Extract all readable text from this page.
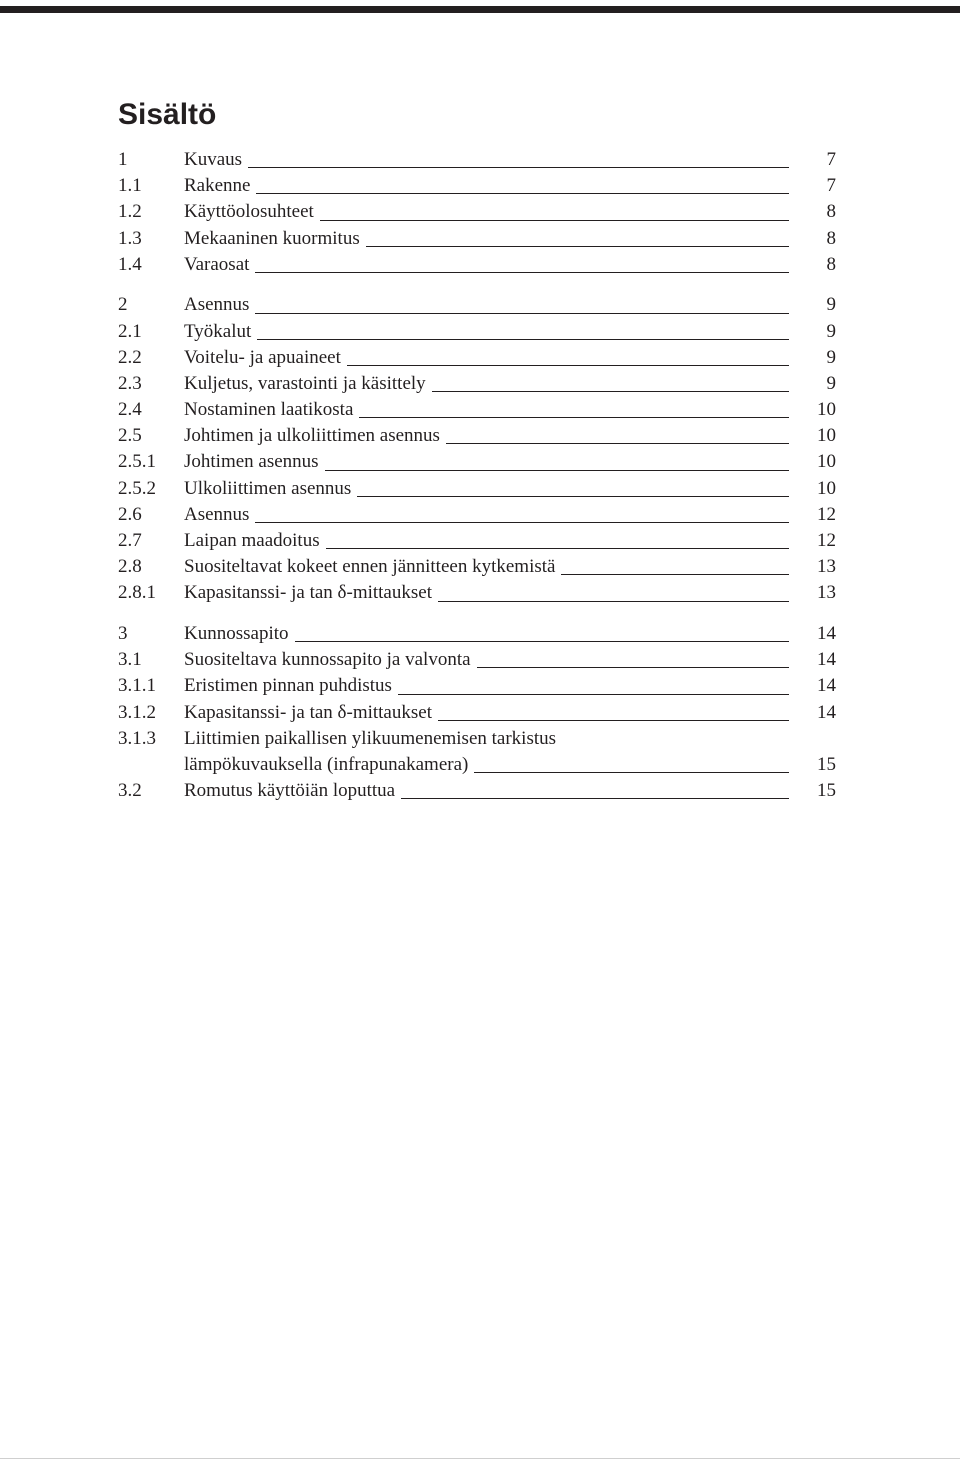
Sisältö
1	Kuvaus	7
1.1 Rakenne	7
1.2 Käyttöolosuhteet	8
1.3 Mekaaninen kuormitus	8
1.4 Varaosat	8
2	Asennus	9
2.1 Työkalut	9
2.2 Voitelu- ja apuaineet	9
2.3 Kuljetus, varastointi ja käsittely	9
2.4 Nostaminen laatikosta	10
2.5 Johtimen ja ulkoliittimen asennus	10
2.5.1 Johtimen asennus	10
2.5.2 Ulkoliittimen asennus	10
2.6 Asennus	12
2.7 Laipan maadoitus	12
2.8 Suositeltavat kokeet ennen jännitteen kytkemistä	13
2.8.1 Kapasitanssi- ja tan δ-mittaukset	13
3	Kunnossapito	14
3.1 Suositeltava kunnossapito ja valvonta	14
3.1.1 Eristimen pinnan puhdistus	14
3.1.2 Kapasitanssi- ja tan δ-mittaukset	14
3.1.3 Liittimien paikallisen ylikuumenemisen tarkistus
lämpökuvauksella (infrapunakamera)	15
3.2 Romutus käyttöiän loputtua	15
